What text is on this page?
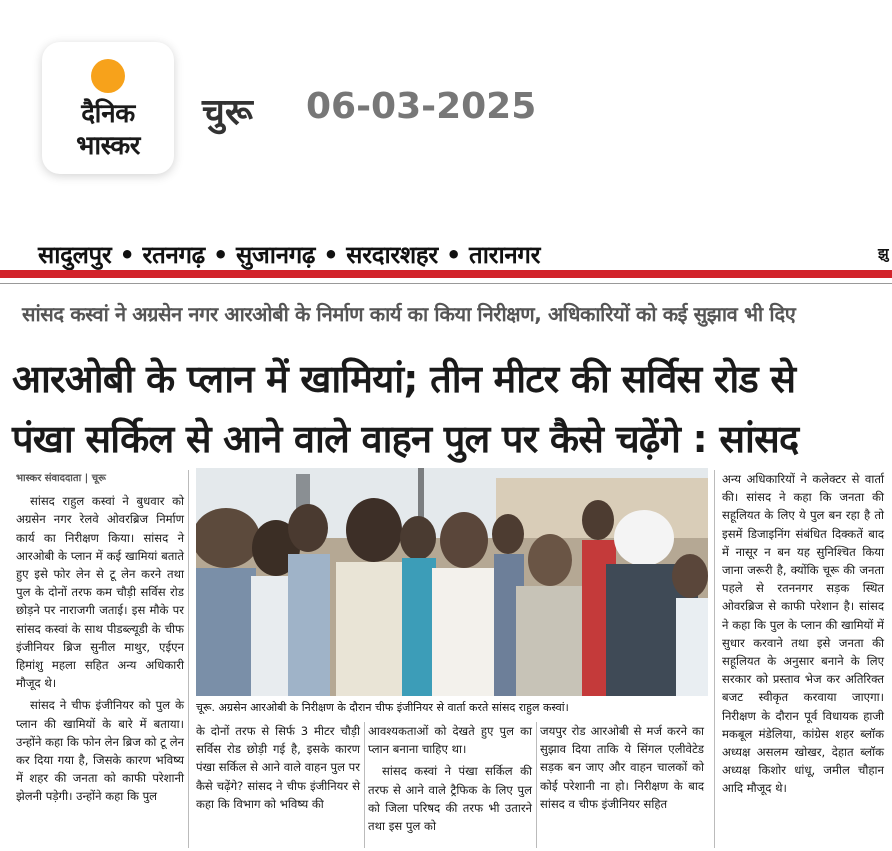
दैनिक
भास्कर
चुरू 06-03-2025
सादुलपुर • रतनगढ़ • सुजानगढ़ • सरदारशहर • तारानगर	झु
सांसद कस्वां ने अग्रसेन नगर आरओबी के निर्माण कार्य का किया निरीक्षण, अधिकारियों को कई सुझाव भी दिए
आरओबी के प्लान में खामियां; तीन मीटर की सर्विस रोड से
पंखा सर्किल से आने वाले वाहन पुल पर कैसे चढ़ेंगे : सांसद

भास्कर संवाददाता | चूरू

सांसद राहुल कस्वां ने बुधवार को अग्रसेन नगर रेलवे ओवरब्रिज निर्माण कार्य का निरीक्षण किया। सांसद ने आरओबी के प्लान में कई खामियां बताते हुए इसे फोर लेन से टू लेन करने तथा पुल के दोनों तरफ कम चौड़ी सर्विस रोड छोड़ने पर नाराजगी जताई। इस मौके पर सांसद कस्वां के साथ पीडब्ल्यूडी के चीफ इंजीनियर ब्रिज सुनील माथुर, एईएन हिमांशु महला सहित अन्य अधिकारी मौजूद थे।

सांसद ने चीफ इंजीनियर को पुल के प्लान की खामियों के बारे में बताया। उन्होंने कहा कि फोन लेन ब्रिज को टू लेन कर दिया गया है, जिसके कारण भविष्य में शहर की जनता को काफी परेशानी झेलनी पड़ेगी। उन्होंने कहा कि पुल

चूरू. अग्रसेन आरओबी के निरीक्षण के दौरान चीफ इंजीनियर से वार्ता करते सांसद राहुल कस्वां।

के दोनों तरफ से सिर्फ 3 मीटर चौड़ी सर्विस रोड छोड़ी गई है, इसके कारण पंखा सर्किल से आने वाले वाहन पुल पर कैसे चढ़ेंगे? सांसद ने चीफ इंजीनियर से कहा कि विभाग को भविष्य की

आवश्यकताओं को देखते हुए पुल का प्लान बनाना चाहिए था।

सांसद कस्वां ने पंखा सर्किल की तरफ से आने वाले ट्रैफिक के लिए पुल को जिला परिषद की तरफ भी उतारने तथा इस पुल को

जयपुर रोड आरओबी से मर्ज करने का सुझाव दिया ताकि ये सिंगल एलीवेटेड सड़क बन जाए और वाहन चालकों को कोई परेशानी ना हो। निरीक्षण के बाद सांसद व चीफ इंजीनियर सहित

अन्य अधिकारियों ने कलेक्टर से वार्ता की। सांसद ने कहा कि जनता की सहूलियत के लिए ये पुल बन रहा है तो इसमें डिजाइनिंग संबंधित दिक्कतें बाद में नासूर न बन यह सुनिश्चित किया जाना जरूरी है, क्योंकि चूरू की जनता पहले से रतननगर सड़क स्थित ओवरब्रिज से काफी परेशान है। सांसद ने कहा कि पुल के प्लान की खामियों में सुधार करवाने तथा इसे जनता की सहूलियत के अनुसार बनाने के लिए सरकार को प्रस्ताव भेज कर अतिरिक्त बजट स्वीकृत करवाया जाएगा। निरीक्षण के दौरान पूर्व विधायक हाजी मकबूल मंडेलिया, कांग्रेस शहर ब्लॉक अध्यक्ष असलम खोखर, देहात ब्लॉक अध्यक्ष किशोर धांधू, जमील चौहान आदि मौजूद थे।
